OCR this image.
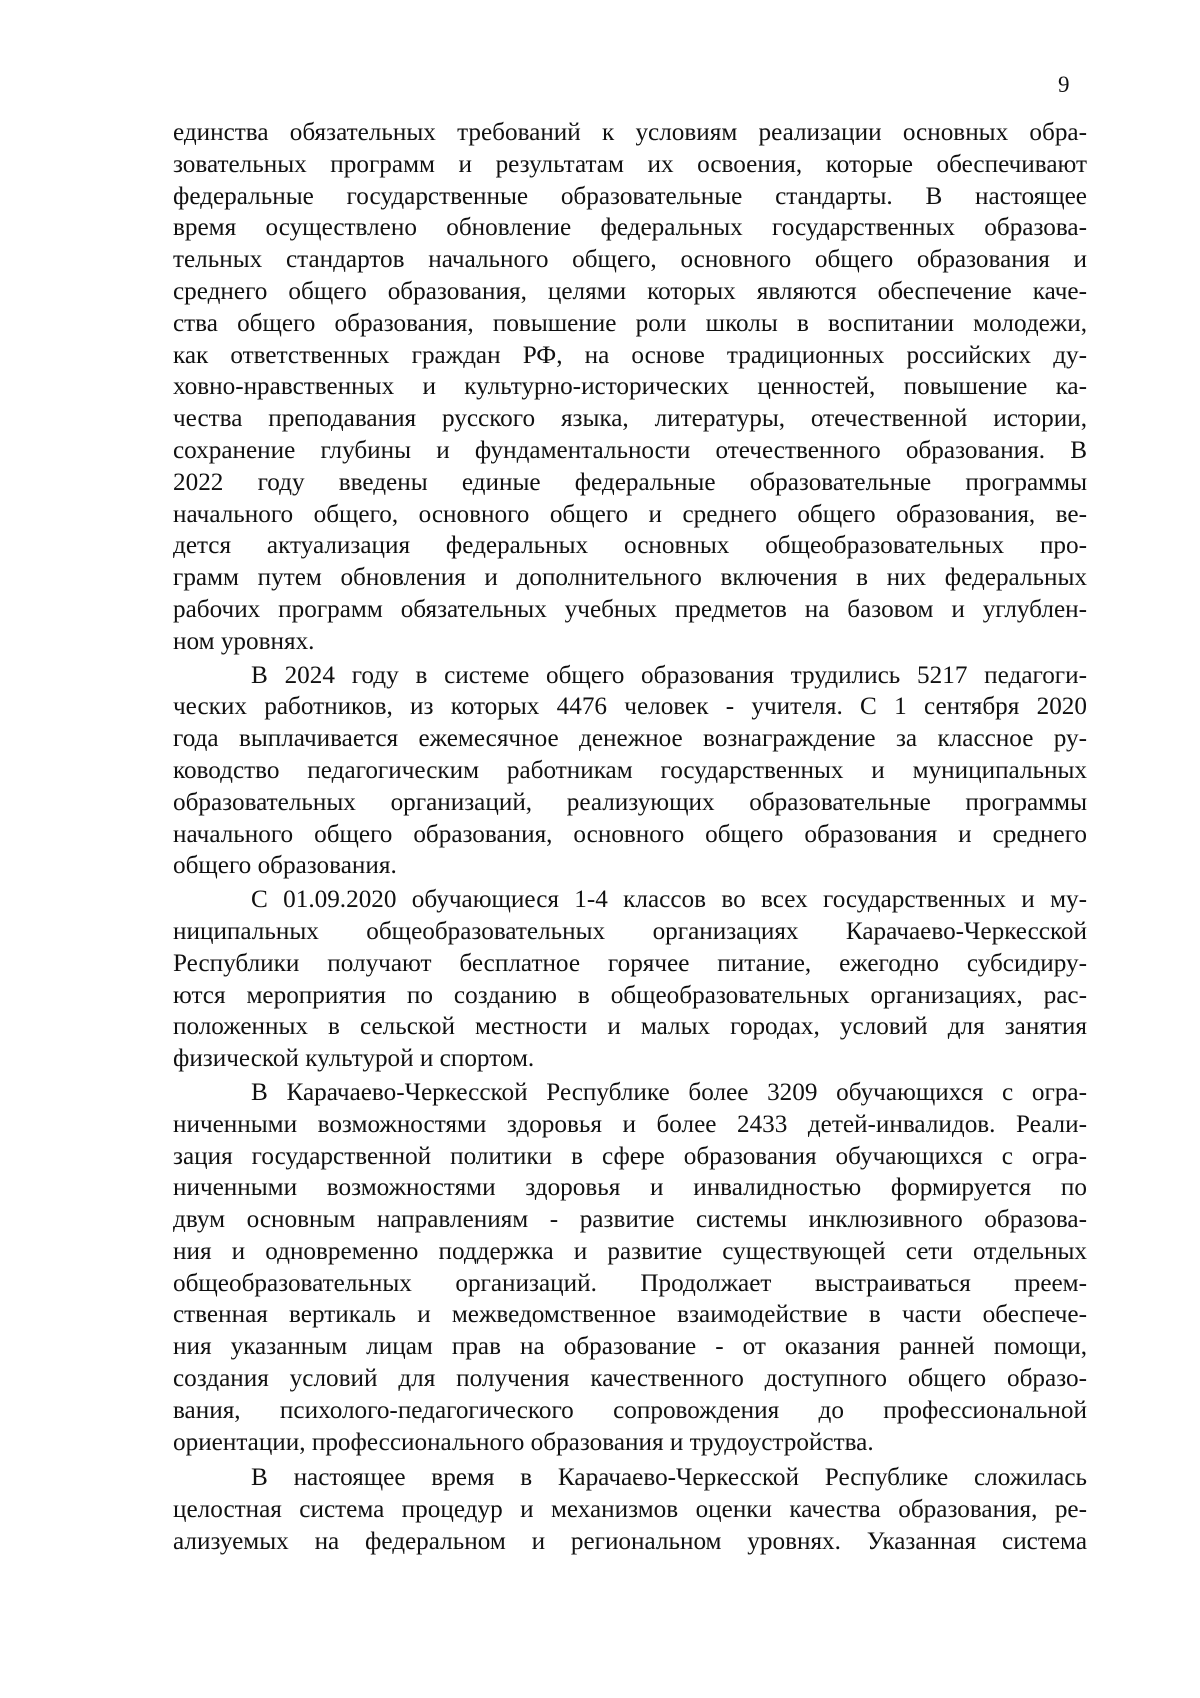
9
единства обязательных требований к условиям реализации основных обра-
зовательных программ и результатам их освоения, которые обеспечивают
федеральные государственные образовательные стандарты. В настоящее
время осуществлено обновление федеральных государственных образова-
тельных стандартов начального общего, основного общего образования и
среднего общего образования, целями которых являются обеспечение каче-
ства общего образования, повышение роли школы в воспитании молодежи,
как ответственных граждан РФ, на основе традиционных российских ду-
ховно-нравственных и культурно-исторических ценностей, повышение ка-
чества преподавания русского языка, литературы, отечественной истории,
сохранение глубины и фундаментальности отечественного образования. В
2022 году введены единые федеральные образовательные программы
начального общего, основного общего и среднего общего образования, ве-
дется актуализация федеральных основных общеобразовательных про-
грамм путем обновления и дополнительного включения в них федеральных
рабочих программ обязательных учебных предметов на базовом и углублен-
ном уровнях.
В 2024 году в системе общего образования трудились 5217 педагоги-
ческих работников, из которых 4476 человек - учителя. С 1 сентября 2020
года выплачивается ежемесячное денежное вознаграждение за классное ру-
ководство педагогическим работникам государственных и муниципальных
образовательных организаций, реализующих образовательные программы
начального общего образования, основного общего образования и среднего
общего образования.
С 01.09.2020 обучающиеся 1-4 классов во всех государственных и му-
ниципальных общеобразовательных организациях Карачаево-Черкесской
Республики получают бесплатное горячее питание, ежегодно субсидиру-
ются мероприятия по созданию в общеобразовательных организациях, рас-
положенных в сельской местности и малых городах, условий для занятия
физической культурой и спортом.
В Карачаево-Черкесской Республике более 3209 обучающихся с огра-
ниченными возможностями здоровья и более 2433 детей-инвалидов. Реали-
зация государственной политики в сфере образования обучающихся с огра-
ниченными возможностями здоровья и инвалидностью формируется по
двум основным направлениям - развитие системы инклюзивного образова-
ния и одновременно поддержка и развитие существующей сети отдельных
общеобразовательных организаций. Продолжает выстраиваться преем-
ственная вертикаль и межведомственное взаимодействие в части обеспече-
ния указанным лицам прав на образование - от оказания ранней помощи,
создания условий для получения качественного доступного общего образо-
вания, психолого-педагогического сопровождения до профессиональной
ориентации, профессионального образования и трудоустройства.
В настоящее время в Карачаево-Черкесской Республике сложилась
целостная система процедур и механизмов оценки качества образования, ре-
ализуемых на федеральном и региональном уровнях. Указанная система
